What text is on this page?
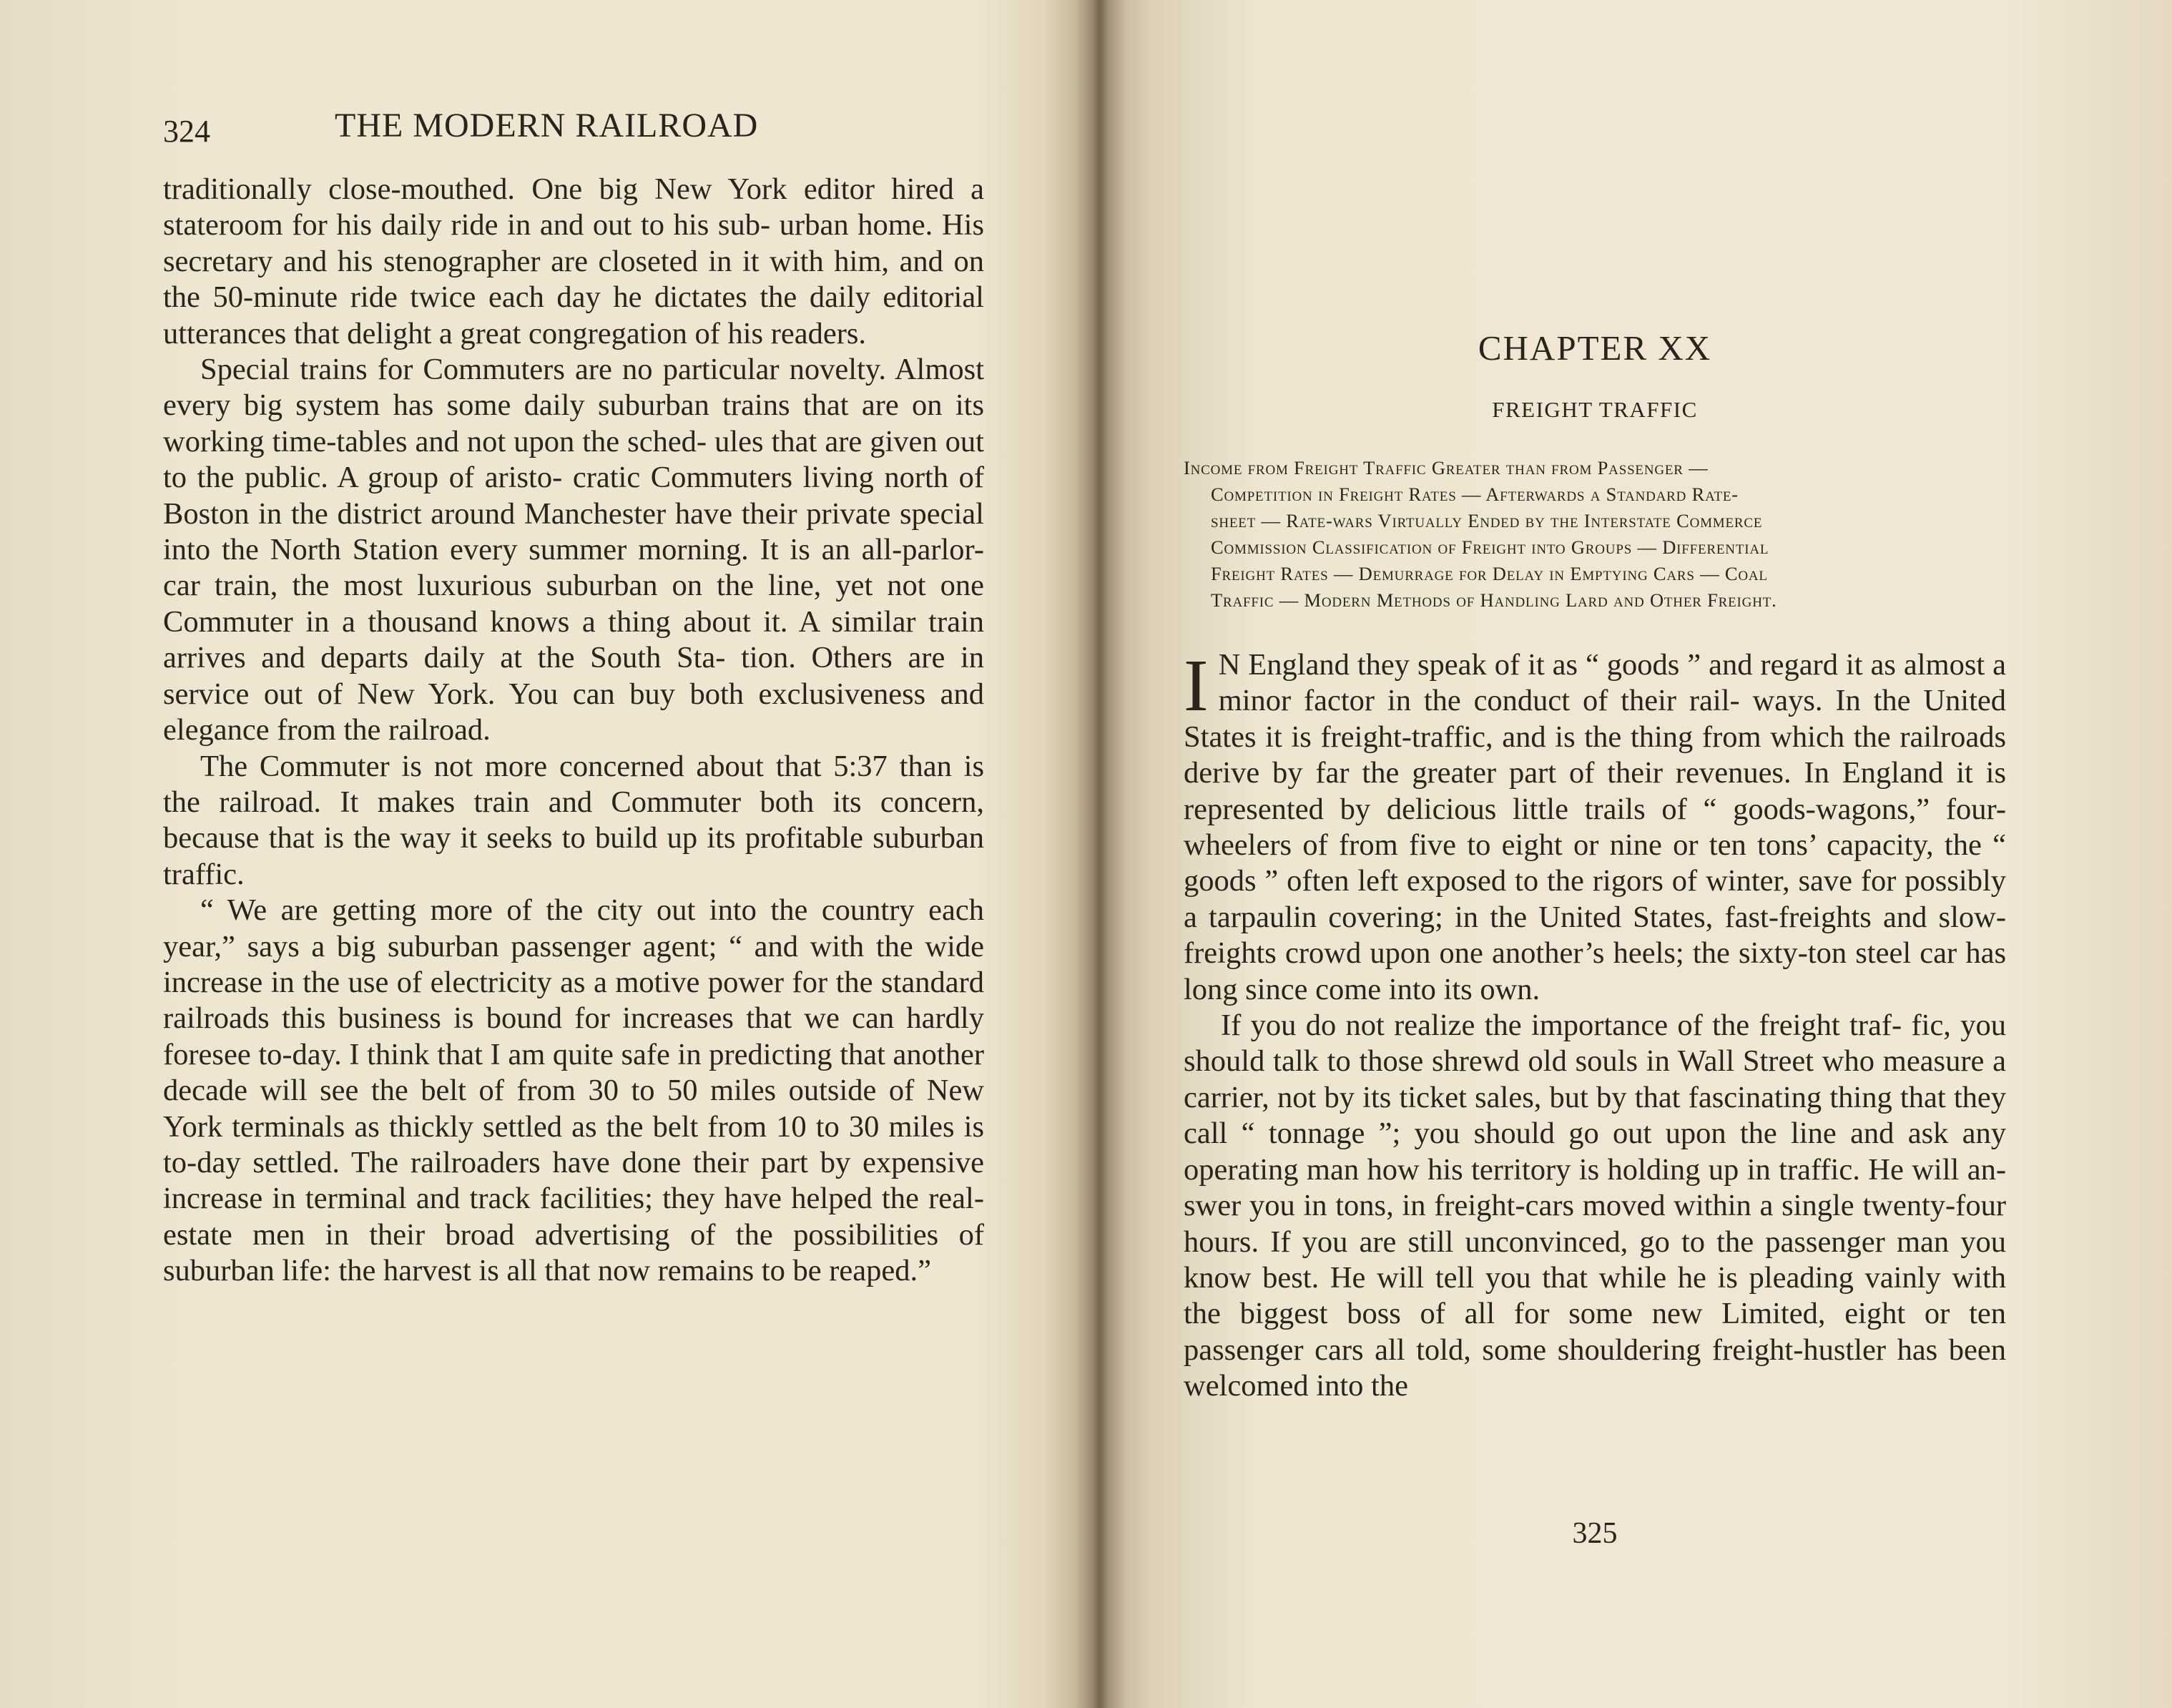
324	THE MODERN RAILROAD

traditionally close-mouthed. One big New York editor hired a stateroom for his daily ride in and out to his sub- urban home. His secretary and his stenographer are closeted in it with him, and on the 50-minute ride twice each day he dictates the daily editorial utterances that delight a great congregation of his readers.

Special trains for Commuters are no particular novelty. Almost every big system has some daily suburban trains that are on its working time-tables and not upon the sched- ules that are given out to the public. A group of aristo- cratic Commuters living north of Boston in the district around Manchester have their private special into the North Station every summer morning. It is an all-parlor- car train, the most luxurious suburban on the line, yet not one Commuter in a thousand knows a thing about it. A similar train arrives and departs daily at the South Sta- tion. Others are in service out of New York. You can buy both exclusiveness and elegance from the railroad.

The Commuter is not more concerned about that 5:37 than is the railroad. It makes train and Commuter both its concern, because that is the way it seeks to build up its profitable suburban traffic.

“ We are getting more of the city out into the country each year,” says a big suburban passenger agent; “ and with the wide increase in the use of electricity as a motive power for the standard railroads this business is bound for increases that we can hardly foresee to-day. I think that I am quite safe in predicting that another decade will see the belt of from 30 to 50 miles outside of New York terminals as thickly settled as the belt from 10 to 30 miles is to-day settled. The railroaders have done their part by expensive increase in terminal and track facilities; they have helped the real-estate men in their broad advertising of the possibilities of suburban life: the harvest is all that now remains to be reaped.”

CHAPTER XX
FREIGHT TRAFFIC
Income from Freight Traffic Greater than from Passenger —
Competition in Freight Rates — Afterwards a Standard Rate-
sheet — Rate-wars Virtually Ended by the Interstate Commerce
Commission Classification of Freight into Groups — Differential
Freight Rates — Demurrage for Delay in Emptying Cars — Coal
Traffic — Modern Methods of Handling Lard and Other Freight.

I N England they speak of it as “ goods ” and regard it as almost a minor factor in the conduct of their rail- ways. In the United States it is freight-traffic, and is the thing from which the railroads derive by far the greater part of their revenues. In England it is represented by delicious little trails of “ goods-wagons,” four-wheelers of from five to eight or nine or ten tons’ capacity, the “ goods ” often left exposed to the rigors of winter, save for possibly a tarpaulin covering; in the United States, fast-freights and slow-freights crowd upon one another’s heels; the sixty-ton steel car has long since come into its own.

If you do not realize the importance of the freight traf- fic, you should talk to those shrewd old souls in Wall Street who measure a carrier, not by its ticket sales, but by that fascinating thing that they call “ tonnage ”; you should go out upon the line and ask any operating man how his territory is holding up in traffic. He will an- swer you in tons, in freight-cars moved within a single twenty-four hours. If you are still unconvinced, go to the passenger man you know best. He will tell you that while he is pleading vainly with the biggest boss of all for some new Limited, eight or ten passenger cars all told, some shouldering freight-hustler has been welcomed into the

325
